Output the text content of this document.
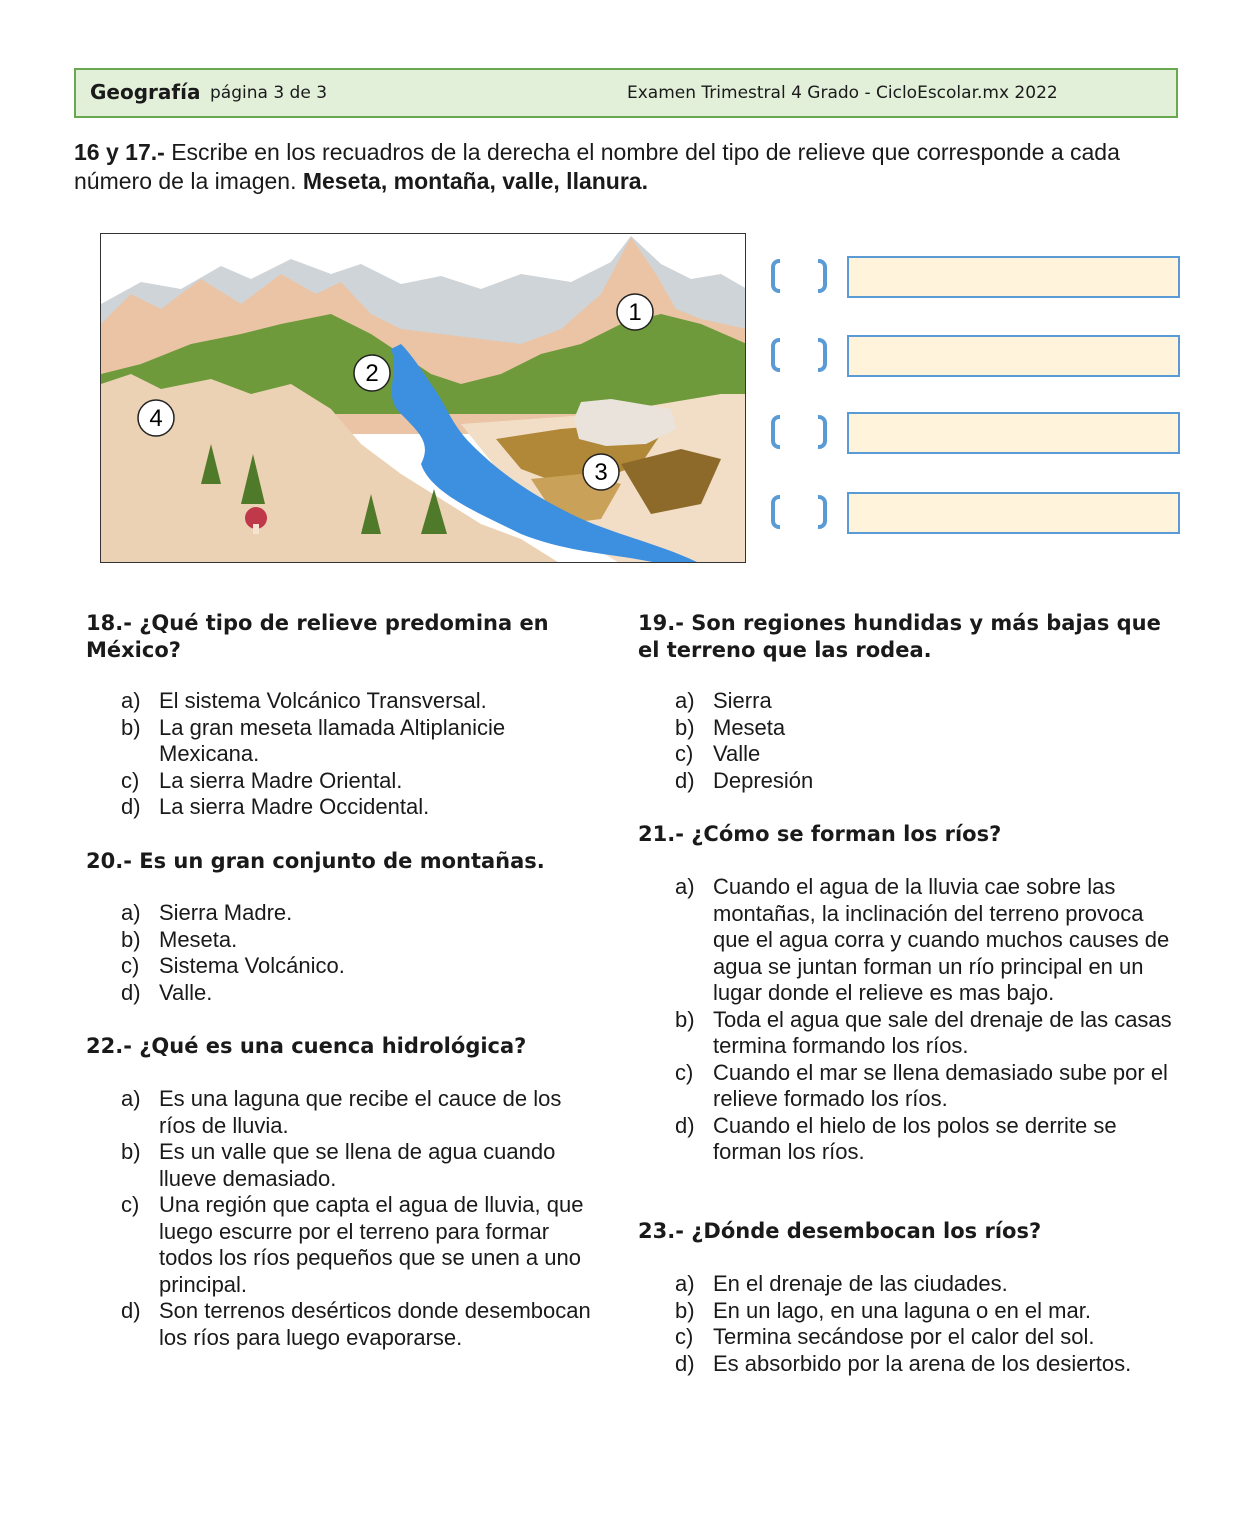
Geografía página 3 de 3	Examen Trimestral 4 Grado - CicloEscolar.mx 2022
16 y 17.- Escribe en los recuadros de la derecha el nombre del tipo de relieve que corresponde a cada número de la imagen. Meseta, montaña, valle, llanura.
1
2
3
4
18.- ¿Qué tipo de relieve predomina en México?
a) El sistema Volcánico Transversal.
b) La gran meseta llamada Altiplanicie Mexicana.
c) La sierra Madre Oriental.
d) La sierra Madre Occidental.
20.- Es un gran conjunto de montañas.
a) Sierra Madre.
b) Meseta.
c) Sistema Volcánico.
d) Valle.
22.- ¿Qué es una cuenca hidrológica?
a) Es una laguna que recibe el cauce de los ríos de lluvia.
b) Es un valle que se llena de agua cuando llueve demasiado.
c) Una región que capta el agua de lluvia, que luego escurre por el terreno para formar todos los ríos pequeños que se unen a uno principal.
d) Son terrenos desérticos donde desembocan los ríos para luego evaporarse.
19.- Son regiones hundidas y más bajas que el terreno que las rodea.
a) Sierra
b) Meseta
c) Valle
d) Depresión
21.- ¿Cómo se forman los ríos?
a) Cuando el agua de la lluvia cae sobre las montañas, la inclinación del terreno provoca que el agua corra y cuando muchos causes de agua se juntan forman un río principal en un lugar donde el relieve es mas bajo.
b) Toda el agua que sale del drenaje de las casas termina formando los ríos.
c) Cuando el mar se llena demasiado sube por el relieve formado los ríos.
d) Cuando el hielo de los polos se derrite se forman los ríos.
23.- ¿Dónde desembocan los ríos?
a) En el drenaje de las ciudades.
b) En un lago, en una laguna o en el mar.
c) Termina secándose por el calor del sol.
d) Es absorbido por la arena de los desiertos.
